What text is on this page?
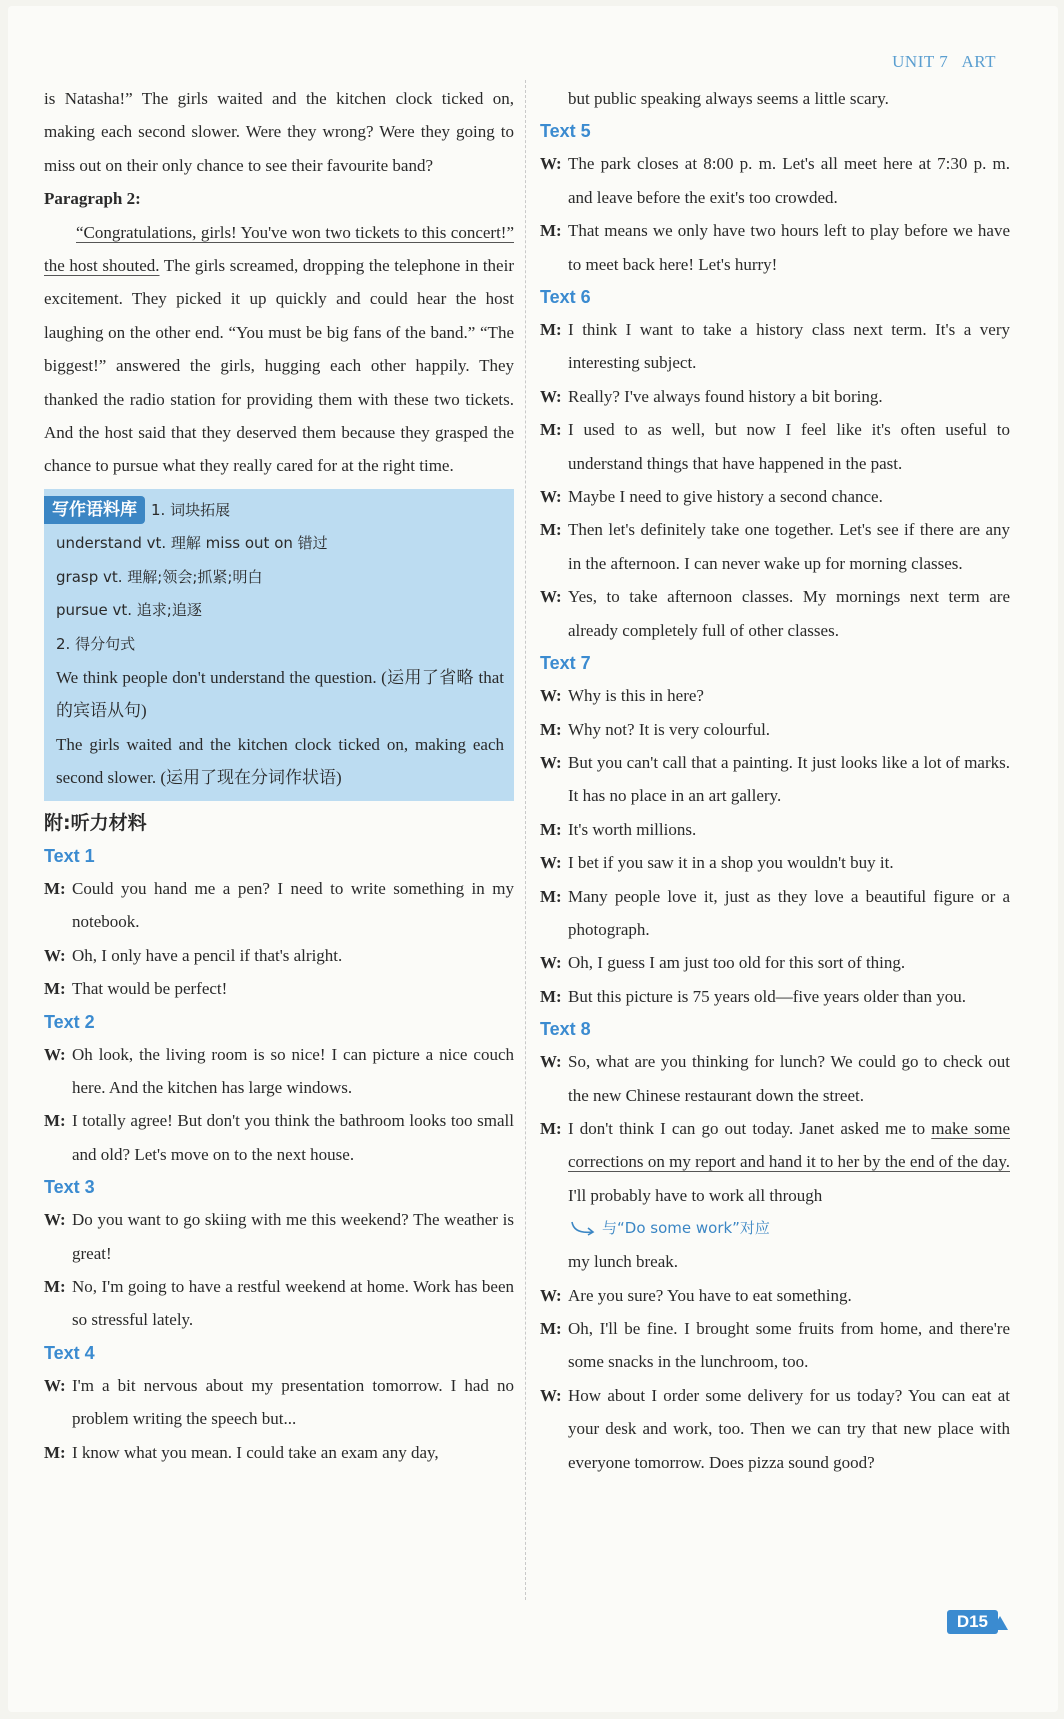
UNIT 7 ART

is Natasha!” The girls waited and the kitchen clock ticked on, making each second slower. Were they wrong? Were they going to miss out on their only chance to see their favourite band?

Paragraph 2:

“Congratulations, girls! You've won two tickets to this concert!” the host shouted. The girls screamed, dropping the telephone in their excitement. They picked it up quickly and could hear the host laughing on the other end. “You must be big fans of the band.” “The biggest!” answered the girls, hugging each other happily. They thanked the radio station for providing them with these two tickets. And the host said that they deserved them because they grasped the chance to pursue what they really cared for at the right time.

写作语料库 1. 词块拓展
understand vt. 理解 miss out on 错过
grasp vt. 理解;领会;抓紧;明白
pursue vt. 追求;追逐
2. 得分句式
We think people don't understand the question. (运用了省略 that 的宾语从句)
The girls waited and the kitchen clock ticked on, making each second slower. (运用了现在分词作状语)
附:听力材料
Text 1
M: Could you hand me a pen? I need to write something in my notebook.
W: Oh, I only have a pencil if that's alright.
M: That would be perfect!
Text 2
W: Oh look, the living room is so nice! I can picture a nice couch here. And the kitchen has large windows.
M: I totally agree! But don't you think the bathroom looks too small and old? Let's move on to the next house.
Text 3
W: Do you want to go skiing with me this weekend? The weather is great!
M: No, I'm going to have a restful weekend at home. Work has been so stressful lately.
Text 4
W: I'm a bit nervous about my presentation tomorrow. I had no problem writing the speech but...
M: I know what you mean. I could take an exam any day,
but public speaking always seems a little scary.
Text 5
W: The park closes at 8:00 p. m. Let's all meet here at 7:30 p. m. and leave before the exit's too crowded.
M: That means we only have two hours left to play before we have to meet back here! Let's hurry!
Text 6
M: I think I want to take a history class next term. It's a very interesting subject.
W: Really? I've always found history a bit boring.
M: I used to as well, but now I feel like it's often useful to understand things that have happened in the past.
W: Maybe I need to give history a second chance.
M: Then let's definitely take one together. Let's see if there are any in the afternoon. I can never wake up for morning classes.
W: Yes, to take afternoon classes. My mornings next term are already completely full of other classes.
Text 7
W: Why is this in here?
M: Why not? It is very colourful.
W: But you can't call that a painting. It just looks like a lot of marks. It has no place in an art gallery.
M: It's worth millions.
W: I bet if you saw it in a shop you wouldn't buy it.
M: Many people love it, just as they love a beautiful figure or a photograph.
W: Oh, I guess I am just too old for this sort of thing.
M: But this picture is 75 years old—five years older than you.
Text 8
W: So, what are you thinking for lunch? We could go to check out the new Chinese restaurant down the street.
M: I don't think I can go out today. Janet asked me to make some corrections on my report and hand it to her by the end of the day. I'll probably have to work all through
与“Do some work”对应
my lunch break.
W: Are you sure? You have to eat something.
M: Oh, I'll be fine. I brought some fruits from home, and there're some snacks in the lunchroom, too.
W: How about I order some delivery for us today? You can eat at your desk and work, too. Then we can try that new place with everyone tomorrow. Does pizza sound good?
D15
